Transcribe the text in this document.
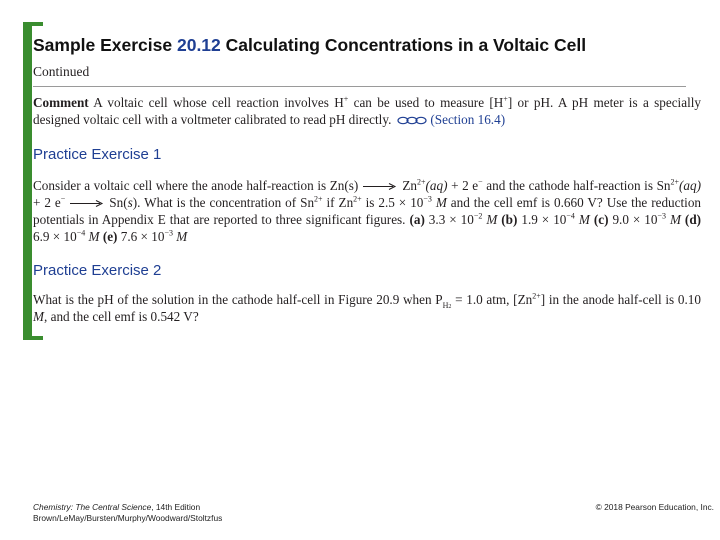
Sample Exercise 20.12 Calculating Concentrations in a Voltaic Cell
Continued
Comment A voltaic cell whose cell reaction involves H+ can be used to measure [H+] or pH. A pH meter is a specially designed voltaic cell with a voltmeter calibrated to read pH directly.	(Section 16.4)
Practice Exercise 1
Consider a voltaic cell where the anode half-reaction is $Zn(s) \to Zn^{2+}(aq) + 2$ e− and the cathode half-reaction is $Sn^{2+}(aq) + 2$ e− → Sn(s). What is the concentration of $Sn^{2+}$ if $Zn^{2+}$ is $2.5 \times 10^{-3}$ M and the cell emf is 0.660 V? Use the reduction potentials in Appendix E that are reported to three significant figures. (a) $3.3 \times 10^{-2}$ M (b) $1.9 \times 10^{-4}$ M (c) $9.0 \times 10^{-3}$ M (d) $6.9 \times 10^{-4}$ M (e) $7.6 \times 10^{-3}$ M
Practice Exercise 2
What is the pH of the solution in the cathode half-cell in Figure 20.9 when $P_{H2} = 1.0$ atm, $[Zn^{2+}]$ in the anode half-cell is 0.10 M, and the cell emf is 0.542 V?
Chemistry: The Central Science, 14th Edition
Brown/LeMay/Bursten/Murphy/Woodward/Stoltzfus
© 2018 Pearson Education, Inc.
